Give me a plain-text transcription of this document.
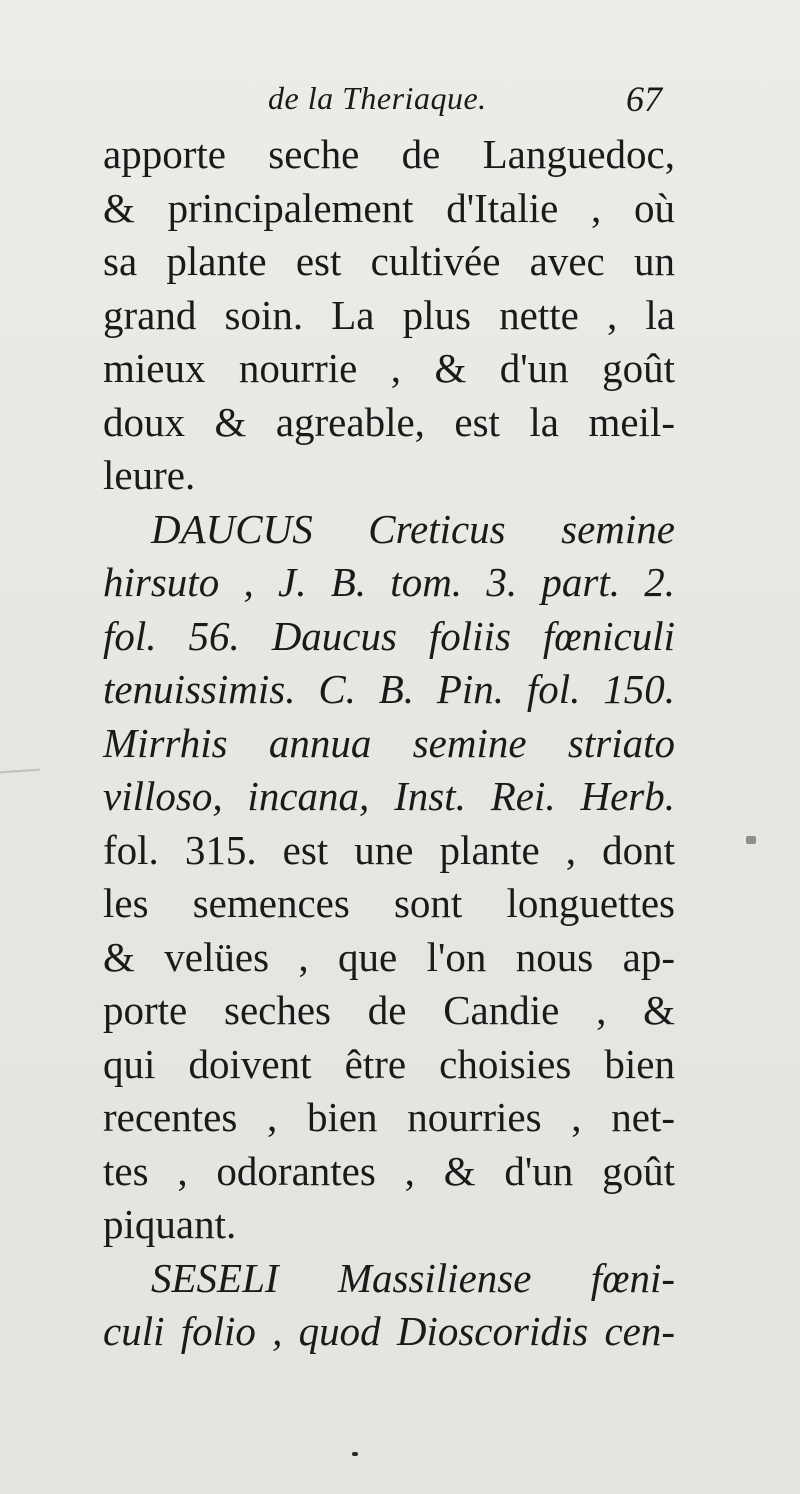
de la Theriaque.	67
apporte seche de Languedoc,
& principalement d'Italie , où
sa plante est cultivée avec un
grand soin. La plus nette , la
mieux nourrie , & d'un goût
doux & agreable, est la meil-
leure.
DAUCUS Creticus semine
hirsuto , J. B. tom. 3. part. 2.
fol. 56. Daucus foliis fœniculi
tenuissimis. C. B. Pin. fol. 150.
Mirrhis annua semine striato
villoso, incana, Inst. Rei. Herb.
fol. 315. est une plante , dont
les semences sont longuettes
& velües , que l'on nous ap-
porte seches de Candie , &
qui doivent être choisies bien
recentes , bien nourries , net-
tes , odorantes , & d'un goût
piquant.
SESELI Massiliense fœni-
culi folio , quod Dioscoridis cen-
